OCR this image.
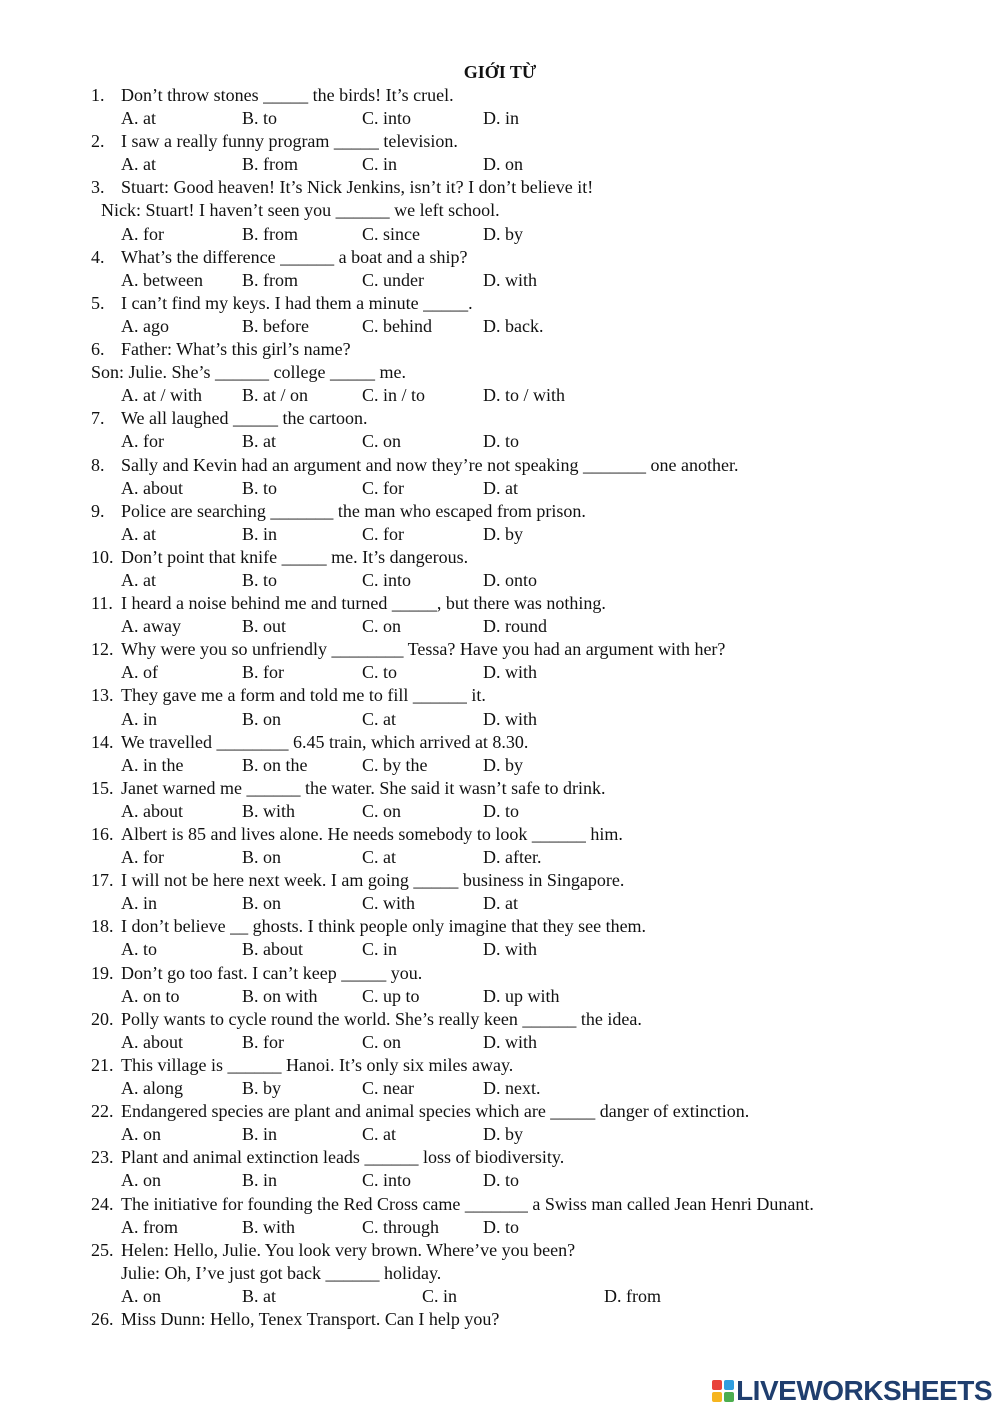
GIỚI TỪ
1. Don’t throw stones _____ the birds! It’s cruel.
A. at	B. to	C. into	D. in
2. I saw a really funny program _____ television.
A. at	B. from	C. in	D. on
3. Stuart: Good heaven! It’s Nick Jenkins, isn’t it? I don’t believe it!
Nick: Stuart! I haven’t seen you ______ we left school.
A. for	B. from	C. since	D. by
4. What’s the difference ______ a boat and a ship?
A. between B. from	C. under	D. with
5. I can’t find my keys. I had them a minute _____.
A. ago	B. before	C. behind	D. back.
6. Father: What’s this girl’s name?
Son: Julie. She’s ______ college _____ me.
A. at / with B. at / on	C. in / to	D. to / with
7. We all laughed _____ the cartoon.
A. for	B. at	C. on	D. to
8. Sally and Kevin had an argument and now they’re not speaking _______ one another.
A. about	B. to	C. for	D. at
9. Police are searching _______ the man who escaped from prison.
A. at	B. in	C. for	D. by
10. Don’t point that knife _____ me. It’s dangerous.
A. at	B. to	C. into	D. onto
11. I heard a noise behind me and turned _____, but there was nothing.
A. away	B. out	C. on	D. round
12. Why were you so unfriendly ________ Tessa? Have you had an argument with her?
A. of	B. for	C. to	D. with
13. They gave me a form and told me to fill ______ it.
A. in	B. on	C. at	D. with
14. We travelled ________ 6.45 train, which arrived at 8.30.
A. in the	B. on the	C. by the	D. by
15. Janet warned me ______ the water. She said it wasn’t safe to drink.
A. about	B. with	C. on	D. to
16. Albert is 85 and lives alone. He needs somebody to look ______ him.
A. for	B. on	C. at	D. after.
17. I will not be here next week. I am going _____ business in Singapore.
A. in	B. on	C. with	D. at
18. I don’t believe __ ghosts. I think people only imagine that they see them.
A. to	B. about	C. in	D. with
19. Don’t go too fast. I can’t keep _____ you.
A. on to	B. on with C. up to	D. up with
20. Polly wants to cycle round the world. She’s really keen ______ the idea.
A. about	B. for	C. on	D. with
21. This village is ______ Hanoi. It’s only six miles away.
A. along	B. by	C. near	D. next.
22. Endangered species are plant and animal species which are _____ danger of extinction.
A. on	B. in	C. at	D. by
23. Plant and animal extinction leads ______ loss of biodiversity.
A. on	B. in	C. into	D. to
24. The initiative for founding the Red Cross came _______ a Swiss man called Jean Henri Dunant.
A. from	B. with	C. through D. to
25. Helen: Hello, Julie. You look very brown. Where’ve you been?
Julie: Oh, I’ve just got back ______ holiday.
A. on	B. at	C. in	D. from
26. Miss Dunn: Hello, Tenex Transport. Can I help you?
LIVEWORKSHEETS
